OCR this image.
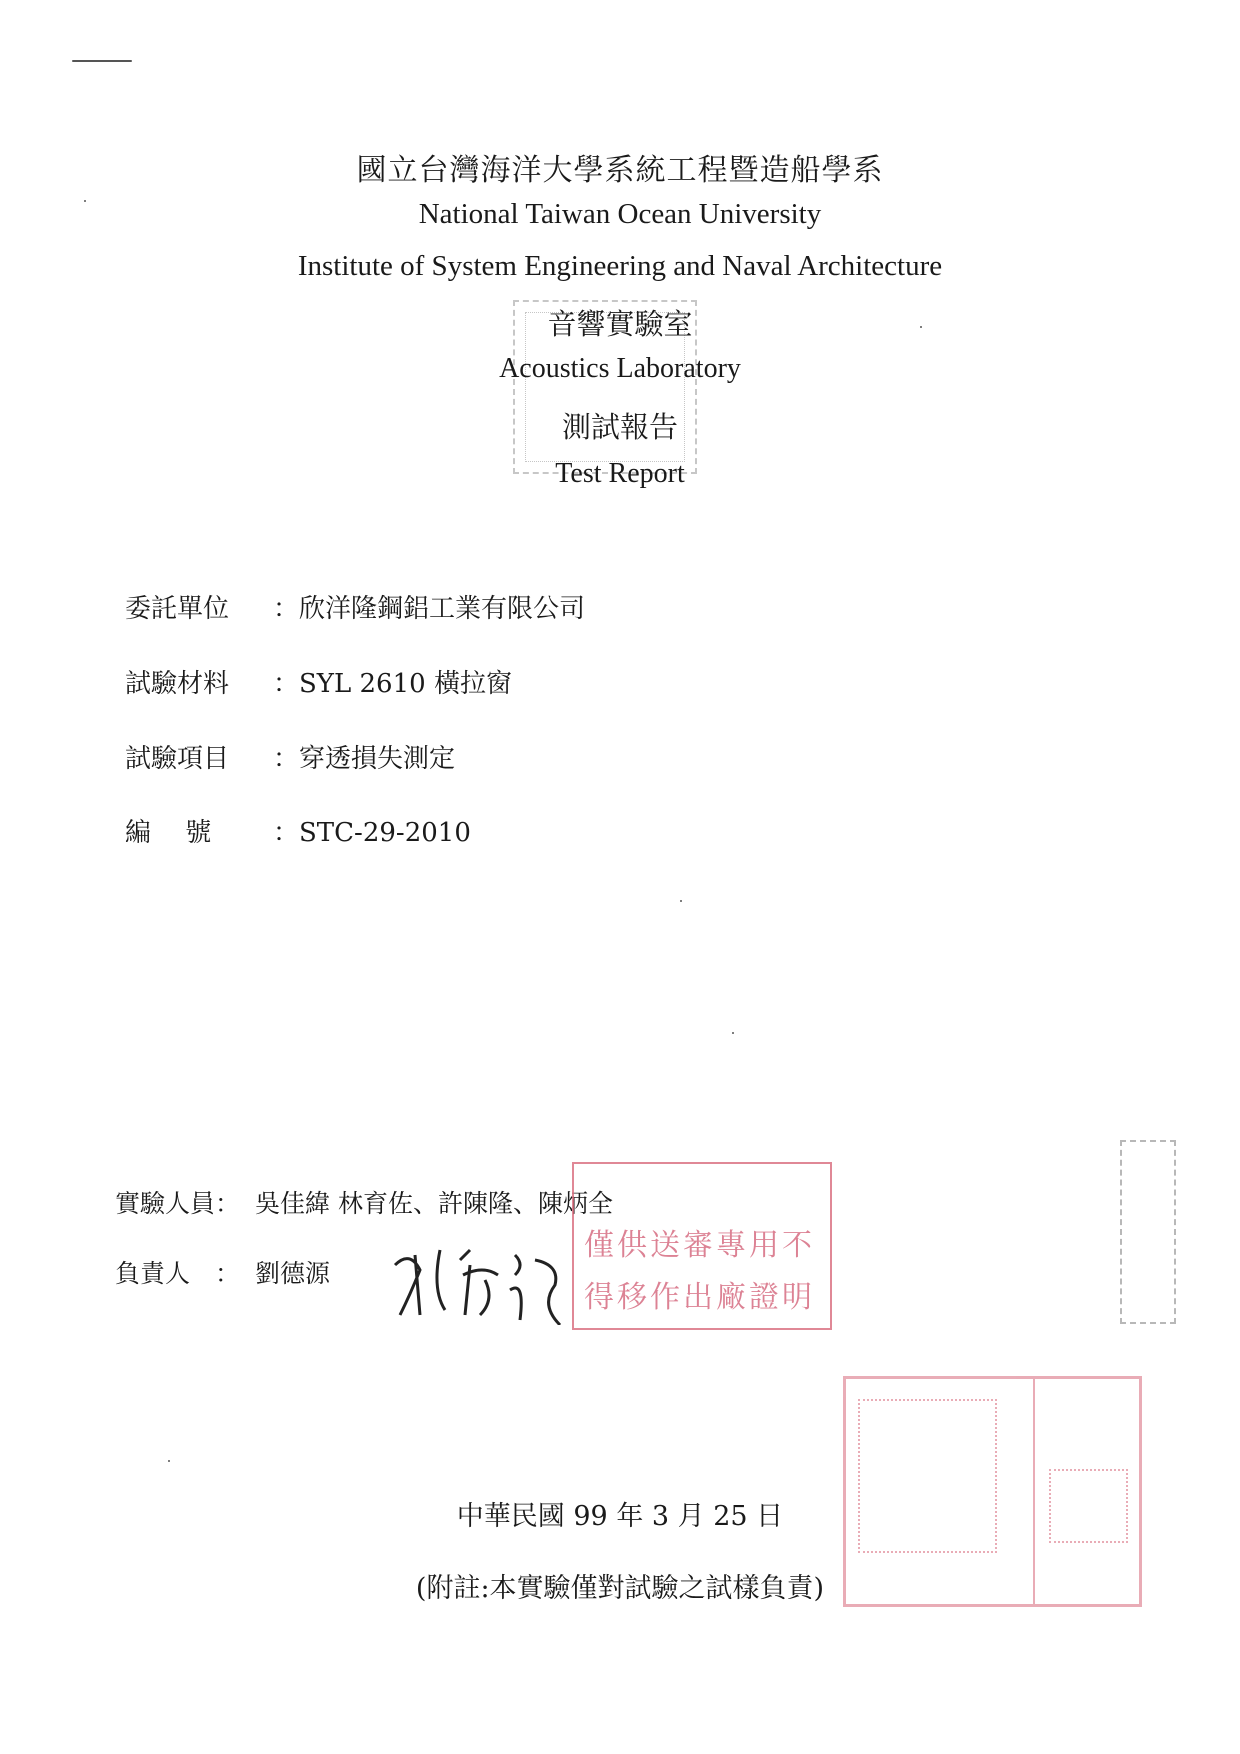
國立台灣海洋大學系統工程暨造船學系
National Taiwan Ocean University
Institute of System Engineering and Naval Architecture
音響實驗室
Acoustics Laboratory
測試報告
Test Report
委託單位 ：欣洋隆鋼鋁工業有限公司
試驗材料 ：SYL 2610 橫拉窗
試驗項目 ：穿透損失測定
編　 號 ：STC-29-2010
實驗人員： 吳佳緯 林育佐、許陳隆、陳炳全
負責人　： 劉德源
僅供送審專用不
得移作出廠證明
中華民國 99 年 3 月 25 日
(附註:本實驗僅對試驗之試樣負責)
